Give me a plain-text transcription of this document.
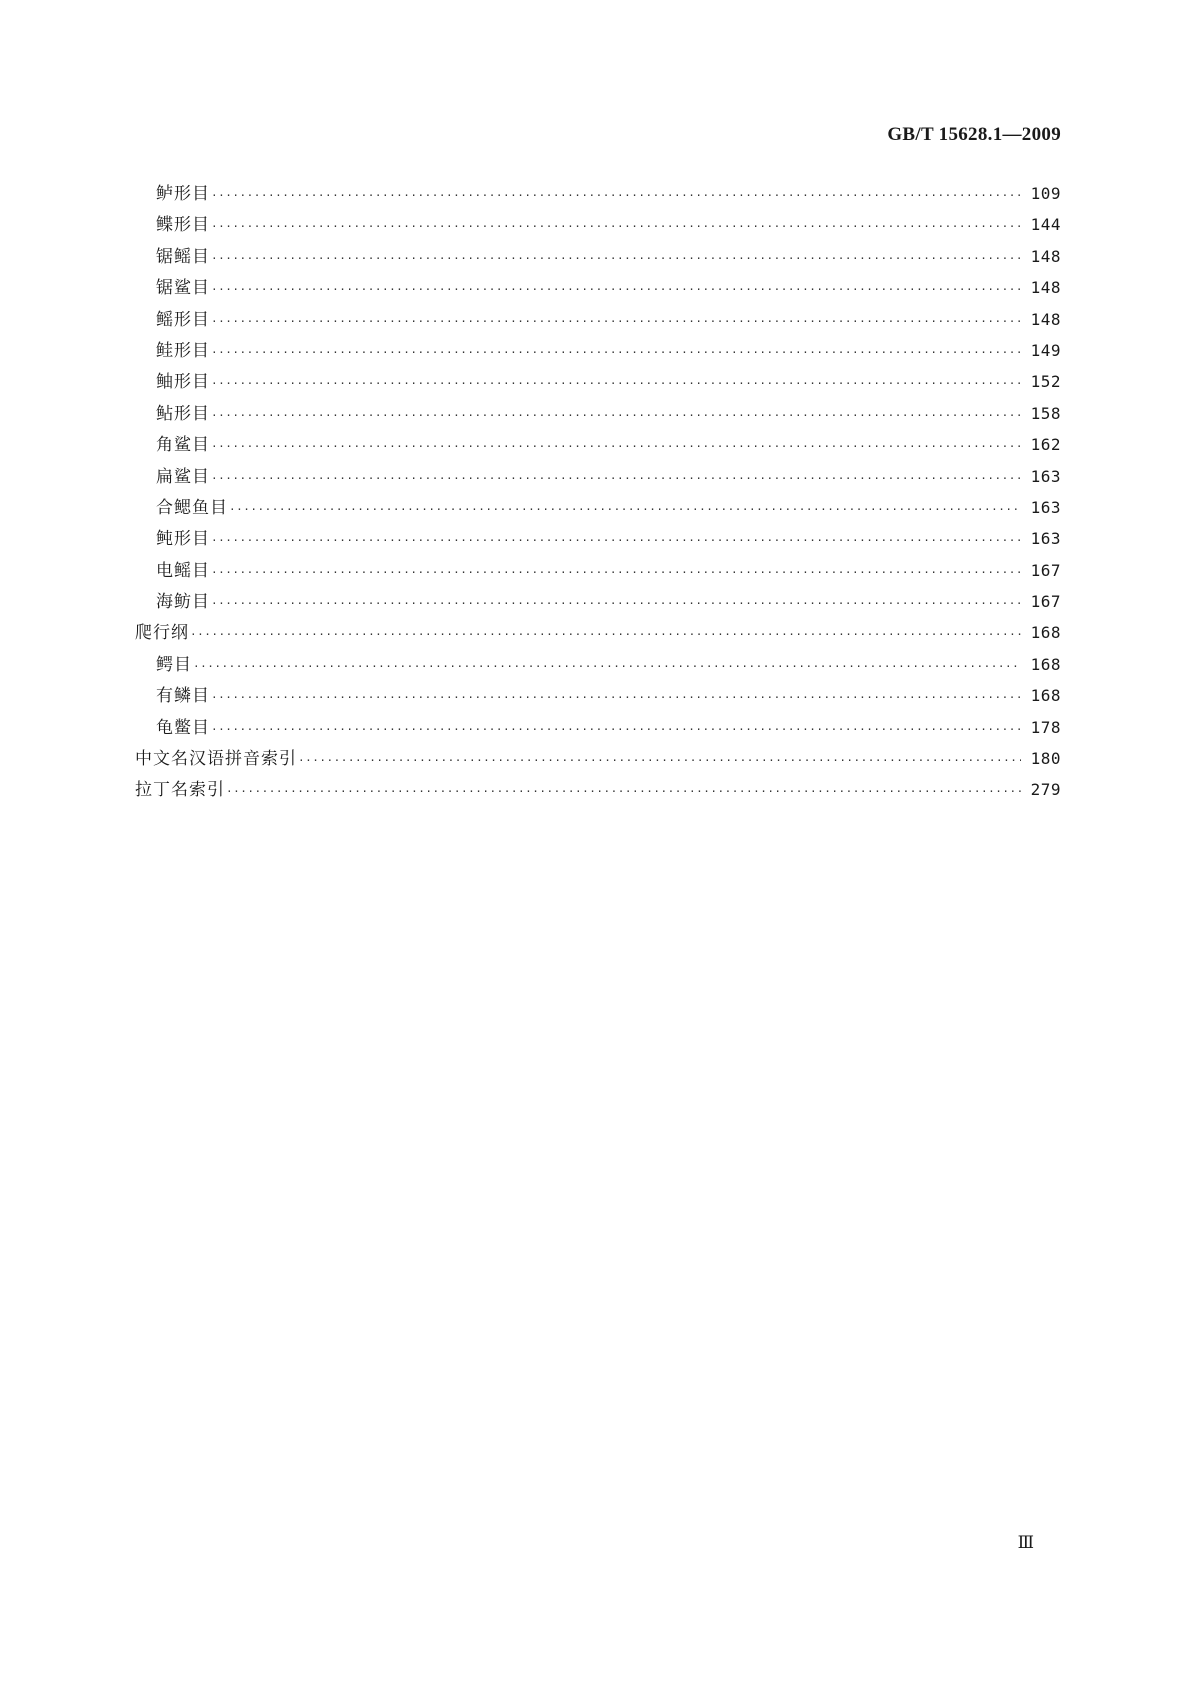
GB/T 15628.1—2009
鲈形目 ·····	109
鲽形目 ·····	144
锯鳐目 ·····	148
锯鲨目 ·····	148
鳐形目 ·····	148
鲑形目 ·····	149
鲉形目 ·····	152
鲇形目 ·····	158
角鲨目 ·····	162
扁鲨目 ·····	163
合鳃鱼目 ·····	163
鲀形目 ·····	163
电鳐目 ·····	167
海鲂目 ·····	167
爬行纲 ·····	168
鳄目 ·····	168
有鳞目 ·····	168
龟鳖目 ·····	178
中文名汉语拼音索引 ·····	180
拉丁名索引 ·····	279
Ⅲ
